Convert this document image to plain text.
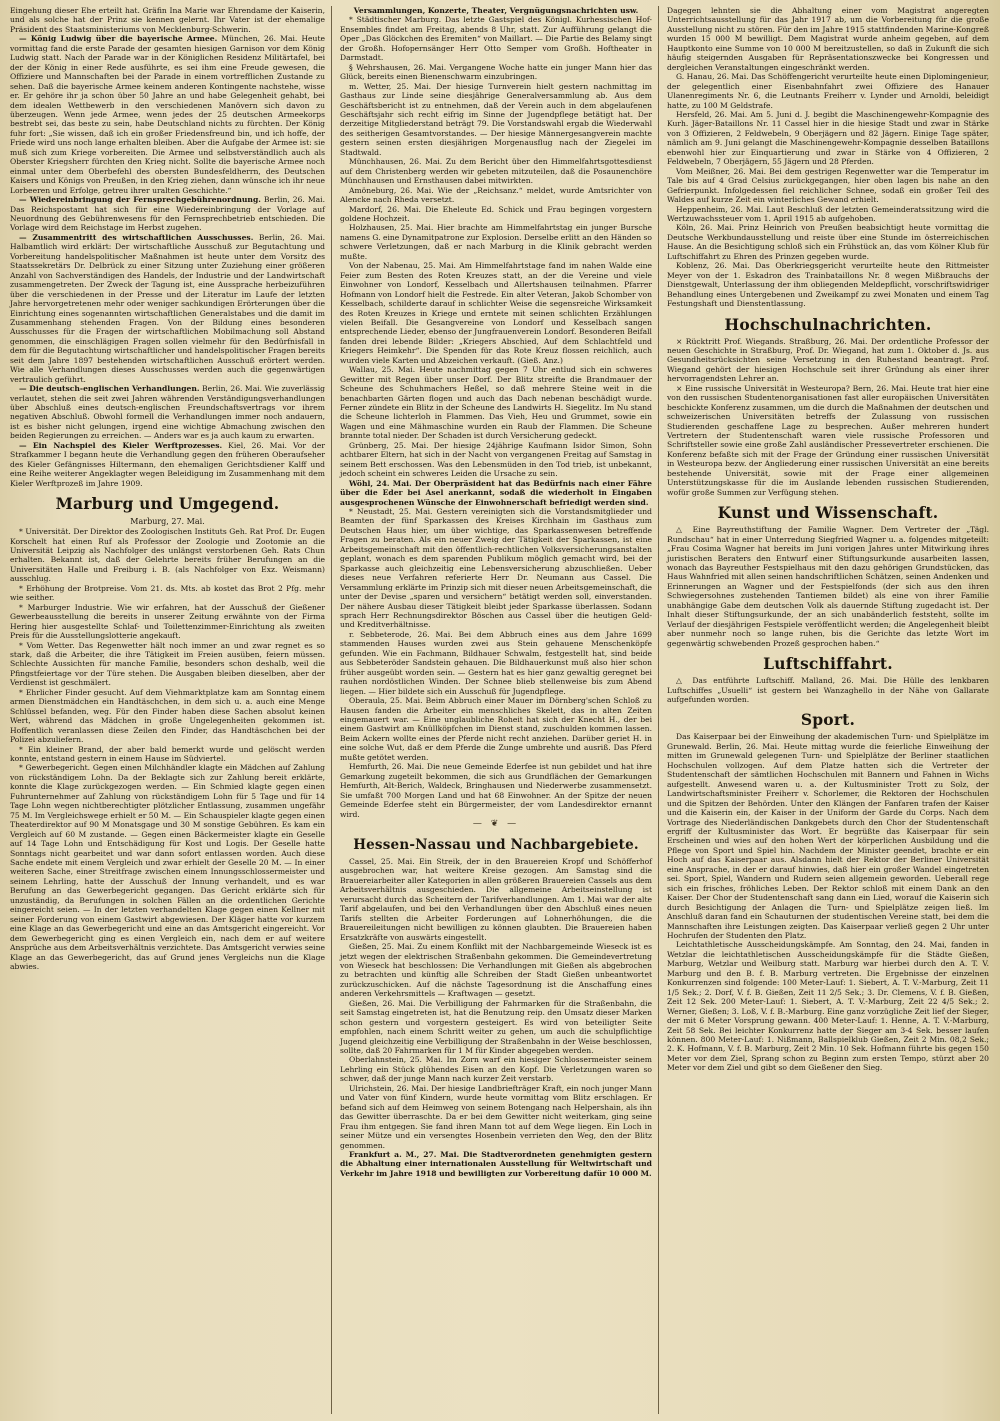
Eingehung dieser Ehe erteilt hat. Gräfin Ina Marie war Ehrendame der Kaiserin, und als solche hat der Prinz sie kennen gelernt. Ihr Vater ist der ehemalige Präsident des Staatsministeriums von Mecklenburg-Schwerin.

— König Ludwig über die bayerische Armee. München, 26. Mai. Heute vormittag fand die erste Parade der gesamten hiesigen Garnison vor dem König Ludwig statt. Nach der Parade war in der Königlichen Residenz Militärtafel, bei der der König in einer Rede ausführte, es sei ihm eine Freude gewesen, die Offiziere und Mannschaften bei der Parade in einem vortrefflichen Zustande zu sehen. Daß die bayerische Armee keinem anderen Kontingente nachstehe, wisse er. Er gehöre ihr ja schon über 50 Jahre an und habe Gelegenheit gehabt, bei dem idealen Wettbewerb in den verschiedenen Manövern sich davon zu überzeugen. Wenn jede Armee, wenn jedes der 25 deutschen Armeekorps bestrebt sei, das beste zu sein, habe Deutschland nichts zu fürchten. Der König fuhr fort: „Sie wissen, daß ich ein großer Friedensfreund bin, und ich hoffe, der Friede wird uns noch lange erhalten bleiben. Aber die Aufgabe der Armee ist: sie muß sich zum Kriege vorbereiten. Die Armee und selbstverständlich auch als Oberster Kriegsherr fürchten den Krieg nicht. Sollte die bayerische Armee noch einmal unter dem Oberbefehl des obersten Bundesfeldherrn, des Deutschen Kaisers und Königs von Preußen, in den Krieg ziehen, dann wünsche ich ihr neue Lorbeeren und Erfolge, getreu ihrer uralten Geschichte.“

— Wiedereinbringung der Fernsprechgebührenordnung. Berlin, 26. Mai. Das Reichspostamt hat sich für eine Wiedereinbringung der Vorlage auf Neuordnung des Gebührenwesens für den Fernsprechbetrieb entschieden. Die Vorlage wird dem Reichstage im Herbst zugehen.

— Zusammentritt des wirtschaftlichen Ausschusses. Berlin, 26. Mai. Halbamtlich wird erklärt: Der wirtschaftliche Ausschuß zur Begutachtung und Vorbereitung handelspolitischer Maßnahmen ist heute unter dem Vorsitz des Staatssekretärs Dr. Delbrück zu einer Sitzung unter Zuziehung einer größeren Anzahl von Sachverständigen des Handels, der Industrie und der Landwirtschaft zusammengetreten. Der Zweck der Tagung ist, eine Aussprache herbeizuführen über die verschiedenen in der Presse und der Literatur im Laufe der letzten Jahre hervorgetretenen mehr oder weniger sachkundigen Erörterungen über die Einrichtung eines sogenannten wirtschaftlichen Generalstabes und die damit im Zusammenhang stehenden Fragen. Von der Bildung eines besonderen Ausschusses für die Fragen der wirtschaftlichen Mobilmachung soll Abstand genommen, die einschlägigen Fragen sollen vielmehr für den Bedürfnisfall in dem für die Begutachtung wirtschaftlicher und handelspolitischer Fragen bereits seit dem Jahre 1897 bestehenden wirtschaftlichen Ausschuß erörtert werden. Wie alle Verhandlungen dieses Ausschusses werden auch die gegenwärtigen vertraulich geführt.

— Die deutsch-englischen Verhandlungen. Berlin, 26. Mai. Wie zuverlässig verlautet, stehen die seit zwei Jahren währenden Verständigungsverhandlungen über Abschluß eines deutsch-englischen Freundschaftsvertrags vor ihrem negativen Abschluß. Obwohl formell die Verhandlungen immer noch andauern, ist es bisher nicht gelungen, irgend eine wichtige Abmachung zwischen den beiden Regierungen zu erreichen. — Anders war es ja auch kaum zu erwarten.

— Ein Nachspiel des Kieler Werftprozesses. Kiel, 26. Mai. Vor der Strafkammer I begann heute die Verhandlung gegen den früheren Oberaufseher des Kieler Gefängnisses Hiltermann, den ehemaligen Gerichtsdiener Kalff und eine Reihe weiterer Angeklagter wegen Beleidigung im Zusammenhang mit dem Kieler Werftprozeß im Jahre 1909.

Marburg und Umgegend.
Marburg, 27. Mai.

* Universität. Der Direktor des Zoologischen Instituts Geh. Rat Prof. Dr. Eugen Korschelt hat einen Ruf als Professor der Zoologie und Zootomie an die Universität Leipzig als Nachfolger des unlängst verstorbenen Geh. Rats Chun erhalten. Bekannt ist, daß der Gelehrte bereits früher Berufungen an die Universitäten Halle und Freiburg i. B. (als Nachfolger von Exz. Weismann) ausschlug.

* Erhöhung der Brotpreise. Vom 21. ds. Mts. ab kostet das Brot 2 Pfg. mehr wie seither.

* Marburger Industrie. Wie wir erfahren, hat der Ausschuß der Gießener Gewerbeausstellung die bereits in unserer Zeitung erwähnte von der Firma Hering hier ausgestellte Schlaf- und Toilettenzimmer-Einrichtung als zweiten Preis für die Ausstellungslotterie angekauft.

* Vom Wetter. Das Regenwetter hält noch immer an und zwar regnet es so stark, daß die Arbeiter, die ihre Tätigkeit im Freien ausüben, feiern müssen. Schlechte Aussichten für manche Familie, besonders schon deshalb, weil die Pfingstfeiertage vor der Türe stehen. Die Ausgaben bleiben dieselben, aber der Verdienst ist geschmälert.

* Ehrlicher Finder gesucht. Auf dem Viehmarktplatze kam am Sonntag einem armen Dienstmädchen ein Handtäschchen, in dem sich u. a. auch eine Menge Schlüssel befanden, weg. Für den Finder haben diese Sachen absolut keinen Wert, während das Mädchen in große Ungelegenheiten gekommen ist. Hoffentlich veranlassen diese Zeilen den Finder, das Handtäschchen bei der Polizei abzuliefern.

* Ein kleiner Brand, der aber bald bemerkt wurde und gelöscht werden konnte, entstand gestern in einem Hause im Südviertel.

* Gewerbegericht. Gegen einen Milchhändler klagte ein Mädchen auf Zahlung von rückständigem Lohn. Da der Beklagte sich zur Zahlung bereit erklärte, konnte die Klage zurückgezogen werden. — Ein Schmied klagte gegen einen Fuhrunternehmer auf Zahlung von rückständigem Lohn für 5 Tage und für 14 Tage Lohn wegen nichtberechtigter plötzlicher Entlassung, zusammen ungefähr 75 M. Im Vergleichswege erhielt er 50 M. — Ein Schauspieler klagte gegen einen Theaterdirektor auf 90 M Monatsgage und 30 M sonstige Gebühren. Es kam ein Vergleich auf 60 M zustande. — Gegen einen Bäckermeister klagte ein Geselle auf 14 Tage Lohn und Entschädigung für Kost und Logis. Der Geselle hatte Sonntags nicht gearbeitet und war dann sofort entlassen worden. Auch diese Sache endete mit einem Vergleich und zwar erhielt der Geselle 20 M. — In einer weiteren Sache, einer Streitfrage zwischen einem Innungsschlossermeister und seinem Lehrling, hatte der Ausschuß der Innung verhandelt, und es war Berufung an das Gewerbegericht gegangen. Das Gericht erklärte sich für unzuständig, da Berufungen in solchen Fällen an die ordentlichen Gerichte eingereicht seien. — In der letzten verhandelten Klage gegen einen Kellner mit seiner Forderung von einem Gastwirt abgewiesen. Der Kläger hatte vor kurzem eine Klage an das Gewerbegericht und eine an das Amtsgericht eingereicht. Vor dem Gewerbegericht ging es einen Vergleich ein, nach dem er auf weitere Ansprüche aus dem Arbeitsverhältnis verzichtete. Das Amtsgericht verwies seine Klage an das Gewerbegericht, das auf Grund jenes Vergleichs nun die Klage abwies.

Versammlungen, Konzerte, Theater, Vergnügungsnachrichten usw.

* Städtischer Marburg. Das letzte Gastspiel des Königl. Kurhessischen Hof-Ensembles findet am Freitag, abends 8 Uhr, statt. Zur Aufführung gelangt die Oper „Das Glöckchen des Eremiten“ von Maillart. — Die Partie des Belamy singt der Großh. Hofopernsänger Herr Otto Semper vom Großh. Hoftheater in Darmstadt.

§ Wehrshausen, 26. Mai. Vergangene Woche hatte ein junger Mann hier das Glück, bereits einen Bienenschwarm einzubringen.

m. Wetter, 25. Mai. Der hiesige Turnverein hielt gestern nachmittag im Gasthaus zur Linde seine diesjährige Generalversammlung ab. Aus dem Geschäftsbericht ist zu entnehmen, daß der Verein auch in dem abgelaufenen Geschäftsjahr sich recht eifrig im Sinne der Jugendpflege betätigt hat. Der derzeitige Mitgliederstand beträgt 79. Die Vorstandswahl ergab die Wiederwahl des seitherigen Gesamtvorstandes. — Der hiesige Männergesangverein machte gestern seinen ersten diesjährigen Morgenausflug nach der Ziegelei im Stadtwald.

Münchhausen, 26. Mai. Zu dem Bericht über den Himmelfahrtsgottesdienst auf dem Christenberg werden wir gebeten mitzuteilen, daß die Posaunenchöre Münchhausen und Ernsthausen dabei mitwirkten.

Amöneburg, 26. Mai. Wie der „Reichsanz.“ meldet, wurde Amtsrichter von Alencke nach Rheda versetzt.

Mardorf, 26. Mai. Die Eheleute Ed. Schick und Frau begingen vorgestern goldene Hochzeit.

Holzhausen, 25. Mai. Hier brachte am Himmelfahrtstag ein junger Bursche namens G. eine Dynamitpatrone zur Explosion. Derselbe erlitt an den Händen so schwere Verletzungen, daß er nach Marburg in die Klinik gebracht werden mußte.

Von der Nabenau, 25. Mai. Am Himmelfahrtstage fand im nahen Walde eine Feier zum Besten des Roten Kreuzes statt, an der die Vereine und viele Einwohner von Londorf, Kesselbach und Allertshausen teilnahmen. Pfarrer Hofmann von Londorf hielt die Festrede. Ein alter Veteran, Jakob Schomber von Kesselbach, schilderte darauf in schlichter Weise die segensreiche Wirksamkeit des Roten Kreuzes in Kriege und erntete mit seinen schlichten Erzählungen vielen Beifall. Die Gesangvereine von Londorf und Kesselbach sangen entsprechende Lieder, ebenso der Jungfrauenverein Londorf. Besonderen Beifall fanden drei lebende Bilder: „Kriegers Abschied, Auf dem Schlachtfeld und Kriegers Heimkehr“. Die Spenden für das Rote Kreuz flossen reichlich, auch wurden viele Karten und Abzeichen verkauft. (Gieß. Anz.)

Wallau, 25. Mai. Heute nachmittag gegen 7 Uhr entlud sich ein schweres Gewitter mit Regen über unser Dorf. Der Blitz streifte die Brandmauer der Scheune des Schuhmachers Heßel, so daß mehrere Steine weit in die benachbarten Gärten flogen und auch das Dach nebenan beschädigt wurde. Ferner zündete ein Blitz in der Scheune des Landwirts H. Siegelitz. Im Nu stand die Scheune lichterloh in Flammen. Das Vieh, Heu und Grummet, sowie ein Wagen und eine Mähmaschine wurden ein Raub der Flammen. Die Scheune brannte total nieder. Der Schaden ist durch Versicherung gedeckt.

Grünberg, 25. Mai. Der hiesige 24jährige Kaufmann Isidor Simon, Sohn achtbarer Eltern, hat sich in der Nacht von vergangenen Freitag auf Samstag in seinem Bett erschossen. Was den Lebensmüden in den Tod trieb, ist unbekannt, jedoch scheint ein schweres Leiden die Ursache zu sein.

Wöhl, 24. Mai. Der Oberpräsident hat das Bedürfnis nach einer Fähre über die Eder bei Asel anerkannt, sodaß die wiederholt in Eingaben ausgesprochenen Wünsche der Einwohnerschaft befriedigt werden sind.

* Neustadt, 25. Mai. Gestern vereinigten sich die Vorstandsmitglieder und Beamten der fünf Sparkassen des Kreises Kirchhain im Gasthaus zum Deutschen Haus hier, um über wichtige, das Sparkassenwesen betreffende Fragen zu beraten. Als ein neuer Zweig der Tätigkeit der Sparkassen, ist eine Arbeitsgemeinschaft mit den öffentlich-rechtlichen Volksversicherungsanstalten geplant, wonach es dem sparenden Publikum möglich gemacht wird, bei der Sparkasse auch gleichzeitig eine Lebensversicherung abzuschließen. Ueber dieses neue Verfahren referierte Herr Dr. Neumann aus Cassel. Die Versammlung erklärte im Prinzip sich mit dieser neuen Arbeitsgemeinschaft, die unter der Devise „sparen und versichern“ betätigt werden soll, einverstanden. Der nähere Ausbau dieser Tätigkeit bleibt jeder Sparkasse überlassen. Sodann sprach Herr Rechnungsdirektor Böschen aus Cassel über die heutigen Geld- und Kreditverhältnisse.

r. Sebbeterode, 26. Mai. Bei dem Abbruch eines aus dem Jahre 1699 stammenden Hauses wurden zwei aus Stein gehauene Menschenköpfe gefunden. Wie ein Fachmann, Bildhauer Schwalm, festgestellt hat, sind beide aus Sebbeteröder Sandstein gehauen. Die Bildhauerkunst muß also hier schon früher ausgeübt worden sein. — Gestern hat es hier ganz gewaltig geregnet bei rauhen nordöstlichen Winden. Der Schnee blieb stellenweise bis zum Abend liegen. — Hier bildete sich ein Ausschuß für Jugendpflege.

Oberaula, 25. Mai. Beim Abbruch einer Mauer im Dörnberg'schen Schloß zu Hausen fanden die Arbeiter ein menschliches Skelett, das in alten Zeiten eingemauert war. — Eine unglaubliche Roheit hat sich der Knecht H., der bei einem Gastwirt am Knüllköpfchen im Dienst stand, zuschulden kommen lassen. Beim Ackern wollte eines der Pferde nicht recht anziehen. Darüber geriet H. in eine solche Wut, daß er dem Pferde die Zunge umbrehte und ausriß. Das Pferd mußte getötet werden.

Hemfurth, 26. Mai. Die neue Gemeinde Ederfee ist nun gebildet und hat ihre Gemarkung zugeteilt bekommen, die sich aus Grundflächen der Gemarkungen Hemfurth, Alt-Berich, Waldeck, Bringhausen und Niederwerbe zusammensetzt. Sie umfaßt 700 Morgen Land und hat 68 Einwohner. An der Spitze der neuen Gemeinde Ederfee steht ein Bürgermeister, der vom Landesdirektor ernannt wird.

— ❦ —
Hessen-Nassau und Nachbargebiete.

Cassel, 25. Mai. Ein Streik, der in den Brauereien Kropf und Schöfferhof ausgebrochen war, hat weitere Kreise gezogen. Am Samstag sind die Brauereiarbeiter aller Kategorien in allen größeren Brauereien Cassels aus dem Arbeitsverhältnis ausgeschieden. Die allgemeine Arbeitseinstellung ist verursacht durch das Scheitern der Tarifverhandlungen. Am 1. Mai war der alte Tarif abgelaufen, und bei den Verhandlungen über den Abschluß eines neuen Tarifs stellten die Arbeiter Forderungen auf Lohnerhöhungen, die die Brauereileitungen nicht bewilligen zu können glaubten. Die Brauereien haben Ersatzkräfte von auswärts eingestellt.

Gießen, 25. Mai. Zu einem Konflikt mit der Nachbargemeinde Wieseck ist es jetzt wegen der elektrischen Straßenbahn gekommen. Die Gemeindevertretung von Wieseck hat beschlossen: Die Verhandlungen mit Gießen als abgebrochen zu betrachten und künftig alle Schreiben der Stadt Gießen unbeantwortet zurückzuschicken. Auf die nächste Tagesordnung ist die Anschaffung eines anderen Verkehrsmittels — Kraftwagen — gesetzt.

Gießen, 26. Mai. Die Verbilligung der Fahrmarken für die Straßenbahn, die seit Samstag eingetreten ist, hat die Benutzung reip. den Umsatz dieser Marken schon gestern und vorgestern gesteigert. Es wird von beteiligter Seite empfohlen, nach einem Schritt weiter zu gehen, um auch die schulpflichtige Jugend gleichzeitig eine Verbilligung der Straßenbahn in der Weise beschlossen, sollte, daß 20 Fahrmarken für 1 M für Kinder abgegeben werden.

Oberlahnstein, 25. Mai. Im Zorn warf ein hiesiger Schlossermeister seinem Lehrling ein Stück glühendes Eisen an den Kopf. Die Verletzungen waren so schwer, daß der junge Mann nach kurzer Zeit verstarb.

Ulrichstein, 26. Mai. Der hiesige Landbriefträger Kraft, ein noch junger Mann und Vater von fünf Kindern, wurde heute vormittag vom Blitz erschlagen. Er befand sich auf dem Heimweg von seinem Botengang nach Helpershain, als ihn das Gewitter überraschte. Da er bei dem Gewitter nicht weiterkam, ging seine Frau ihm entgegen. Sie fand ihren Mann tot auf dem Wege liegen. Ein Loch in seiner Mütze und ein versengtes Hosenbein verrieten den Weg, den der Blitz genommen.

Frankfurt a. M., 27. Mai. Die Stadtverordneten genehmigten gestern die Abhaltung einer internationalen Ausstellung für Weltwirtschaft und Verkehr im Jahre 1918 und bewilligten zur Vorbereitung dafür 10 000 M.

Dagegen lehnten sie die Abhaltung einer vom Magistrat angeregten Unterrichtsausstellung für das Jahr 1917 ab, um die Vorbereitung für die große Ausstellung nicht zu stören. Für den im Jahre 1915 stattfindenden Marine-Kongreß wurden 15 000 M bewilligt. Dem Magistrat wurde anheim gegeben, auf dem Hauptkonto eine Summe von 10 000 M bereitzustellen, so daß in Zukunft die sich häufig steigernden Ausgaben für Repräsentationszwecke bei Kongressen und dergleichen Veranstaltungen eingeschränkt werden.

G. Hanau, 26. Mai. Das Schöffengericht verurteilte heute einen Diplomingenieur, der gelegentlich einer Eisenbahnfahrt zwei Offiziere des Hanauer Ulanenregiments Nr. 6, die Leutnants Freiherr v. Lynder und Arnoldi, beleidigt hatte, zu 100 M Geldstrafe.

Hersfeld, 26. Mai. Am 5. Juni d. J. begibt die Maschinengewehr-Kompagnie des Kurh. Jäger-Bataillons Nr. 11 Cassel hier in die hiesige Stadt und zwar in Stärke von 3 Offizieren, 2 Feldwebeln, 9 Oberjägern und 82 Jägern. Einige Tage später, nämlich am 9. Juni gelangt die Maschinengewehr-Kompagnie desselben Bataillons ebenwohl hier zur Einquartierung und zwar in Stärke von 4 Offizieren, 2 Feldwebeln, 7 Oberjägern, 55 Jägern und 28 Pferden.

Vom Meißner, 26. Mai. Bei dem gestrigen Regenwetter war die Temperatur im Tale bis auf 4 Grad Celsius zurückgegangen, hier oben lagen bis nahe an den Gefrierpunkt. Infolgedessen fiel reichlicher Schnee, sodaß ein großer Teil des Waldes auf kurze Zeit ein winterliches Gewand erhielt.

Heppenheim, 26. Mai. Laut Beschluß der letzten Gemeinderatssitzung wird die Wertzuwachssteuer vom 1. April 1915 ab aufgehoben.

Köln, 26. Mai. Prinz Heinrich von Preußen beabsichtigt heute vormittag die Deutsche Werkbundausstellung und reiste über eine Stunde im österreichischen Hause. An die Besichtigung schloß sich ein Frühstück an, das vom Kölner Klub für Luftschiffahrt zu Ehren des Prinzen gegeben wurde.

Koblenz, 26. Mai. Das Oberkriegsgericht verurteilte heute den Rittmeister Meyer von der 1. Eskadron des Trainbataillons Nr. 8 wegen Mißbrauchs der Dienstgewalt, Unterlassung der ihm obliegenden Meldepflicht, vorschriftswidriger Behandlung eines Untergebenen und Zweikampf zu zwei Monaten und einem Tag Festungshaft und Dienstentlassung.

Hochschulnachrichten.

× Rücktritt Prof. Wiegands. Straßburg, 26. Mai. Der ordentliche Professor der neuen Geschichte in Straßburg, Prof. Dr. Wiegand, hat zum 1. Oktober d. Js. aus Gesundheitsrücksichten seine Versetzung in den Ruhestand beantragt. Prof. Wiegand gehört der hiesigen Hochschule seit ihrer Gründung als einer ihrer hervorragendsten Lehrer an.

× Eine russische Universität in Westeuropa? Bern, 26. Mai. Heute trat hier eine von den russischen Studentenorganisationen fast aller europäischen Universitäten beschickte Konferenz zusammen, um die durch die Maßnahmen der deutschen und schweizerischen Universitäten betreffs der Zulassung von russischen Studierenden geschaffene Lage zu besprechen. Außer mehreren hundert Vertretern der Studentenschaft waren viele russische Professoren und Schriftsteller sowie eine große Zahl ausländischer Pressevertreter erschienen. Die Konferenz befaßte sich mit der Frage der Gründung einer russischen Universität in Westeuropa bezw. der Angliederung einer russischen Universität an eine bereits bestehende Universität, sowie mit der Frage einer allgemeinen Unterstützungskasse für die im Auslande lebenden russischen Studierenden, wofür große Summen zur Verfügung stehen.

Kunst und Wissenschaft.

△ Eine Bayreuthstiftung der Familie Wagner. Dem Vertreter der „Tägl. Rundschau“ hat in einer Unterredung Siegfried Wagner u. a. folgendes mitgeteilt: „Frau Cosima Wagner hat bereits im Juni vorigen Jahres unter Mitwirkung ihres juristischen Beraters den Entwurf einer Stiftungsurkunde ausarbeiten lassen, wonach das Bayreuther Festspielhaus mit den dazu gehörigen Grundstücken, das Haus Wahnfried mit allen seinen handschriftlichen Schätzen, seinen Andenken und Erinnerungen an Wagner und der Festspielfonds (der sich aus den ihren Schwiegersohnes zustehenden Tantiemen bildet) als eine von ihrer Familie unabhängige Gabe dem deutschen Volk als dauernde Stiftung zugedacht ist. Der Inhalt dieser Stiftungsurkunde, der an sich unabänderlich feststeht, sollte im Verlauf der diesjährigen Festspiele veröffentlicht werden; die Angelegenheit bleibt aber nunmehr noch so lange ruhen, bis die Gerichte das letzte Wort im gegenwärtig schwebenden Prozeß gesprochen haben.“

Luftschiffahrt.

△ Das entführte Luftschiff. Malland, 26. Mai. Die Hülle des lenkbaren Luftschiffes „Usuelli“ ist gestern bei Wanzaghello in der Nähe von Gallarate aufgefunden worden.

Sport.

Das Kaiserpaar bei der Einweihung der akademischen Turn- und Spielplätze im Grunewald. Berlin, 26. Mai. Heute mittag wurde die feierliche Einweihung der mitten im Grunewald gelegenen Turn- und Spielplätze der Berliner staatlichen Hochschulen vollzogen. Auf dem Platze hatten sich die Vertreter der Studentenschaft der sämtlichen Hochschulen mit Bannern und Fahnen in Wichs aufgestellt. Anwesend waren u. a. der Kultusminister Trott zu Solz, der Landwirtschaftsminister Freiherr v. Schorlemer, die Rektoren der Hochschulen und die Spitzen der Behörden. Unter den Klängen der Fanfaren trafen der Kaiser und die Kaiserin ein, der Kaiser in der Uniform der Garde du Corps. Nach dem Vortrage des Niederländischen Dankgebets durch den Chor der Studentenschaft ergriff der Kultusminister das Wort. Er begrüßte das Kaiserpaar für sein Erscheinen und wies auf den hohen Wert der körperlichen Ausbildung und die Pflege von Sport und Spiel hin. Nachdem der Minister geendet, brachte er ein Hoch auf das Kaiserpaar aus. Alsdann hielt der Rektor der Berliner Universität eine Ansprache, in der er darauf hinwies, daß hier ein großer Wandel eingetreten sei. Sport, Spiel, Wandern und Rudern seien allgemein geworden. Ueberall rege sich ein frisches, fröhliches Leben. Der Rektor schloß mit einem Dank an den Kaiser. Der Chor der Studentenschaft sang dann ein Lied, worauf die Kaiserin sich durch Besichtigung der Anlagen die Turn- und Spielplätze zeigen ließ. Im Anschluß daran fand ein Schauturnen der studentischen Vereine statt, bei dem die Mannschaften ihre Leistungen zeigten. Das Kaiserpaar verließ gegen 2 Uhr unter Hochrufen der Studenten den Platz.

Leichtathletische Ausscheidungskämpfe. Am Sonntag, den 24. Mai, fanden in Wetzlar die leichtathletischen Ausscheidungskämpfe für die Städte Gießen, Marburg, Wetzlar und Weilburg statt. Marburg war hierbei durch den A. T. V. Marburg und den B. f. B. Marburg vertreten. Die Ergebnisse der einzelnen Konkurrenzen sind folgende: 100 Meter-Lauf: 1. Siebert, A. T. V.-Marburg, Zeit 11 1/5 Sek.; 2. Dorf, V. f. B. Gießen, Zeit 11 2/5 Sek.; 3. Dr. Clemens, V. f. B. Gießen, Zeit 12 Sek. 200 Meter-Lauf: 1. Siebert, A. T. V.-Marburg, Zeit 22 4/5 Sek.; 2. Werner, Gießen; 3. Loß, V. f. B.-Marburg. Eine ganz vorzügliche Zeit lief der Sieger, der mit 6 Meter Vorsprung gewann. 400 Meter-Lauf: 1. Henne, A. T. V.-Marburg, Zeit 58 Sek. Bei leichter Konkurrenz hatte der Sieger am 3-4 Sek. besser laufen können. 800 Meter-Lauf: 1. Nißmann, Ballspielklub Gießen, Zeit 2 Min. 08,2 Sek.; 2. K. Hofmann, V. f. B. Marburg, Zeit 2 Min. 10 Sek. Hofmann führte bis gegen 150 Meter vor dem Ziel, Sprang schon zu Beginn zum ersten Tempo, stürzt aber 20 Meter vor dem Ziel und gibt so dem Gießener den Sieg.
